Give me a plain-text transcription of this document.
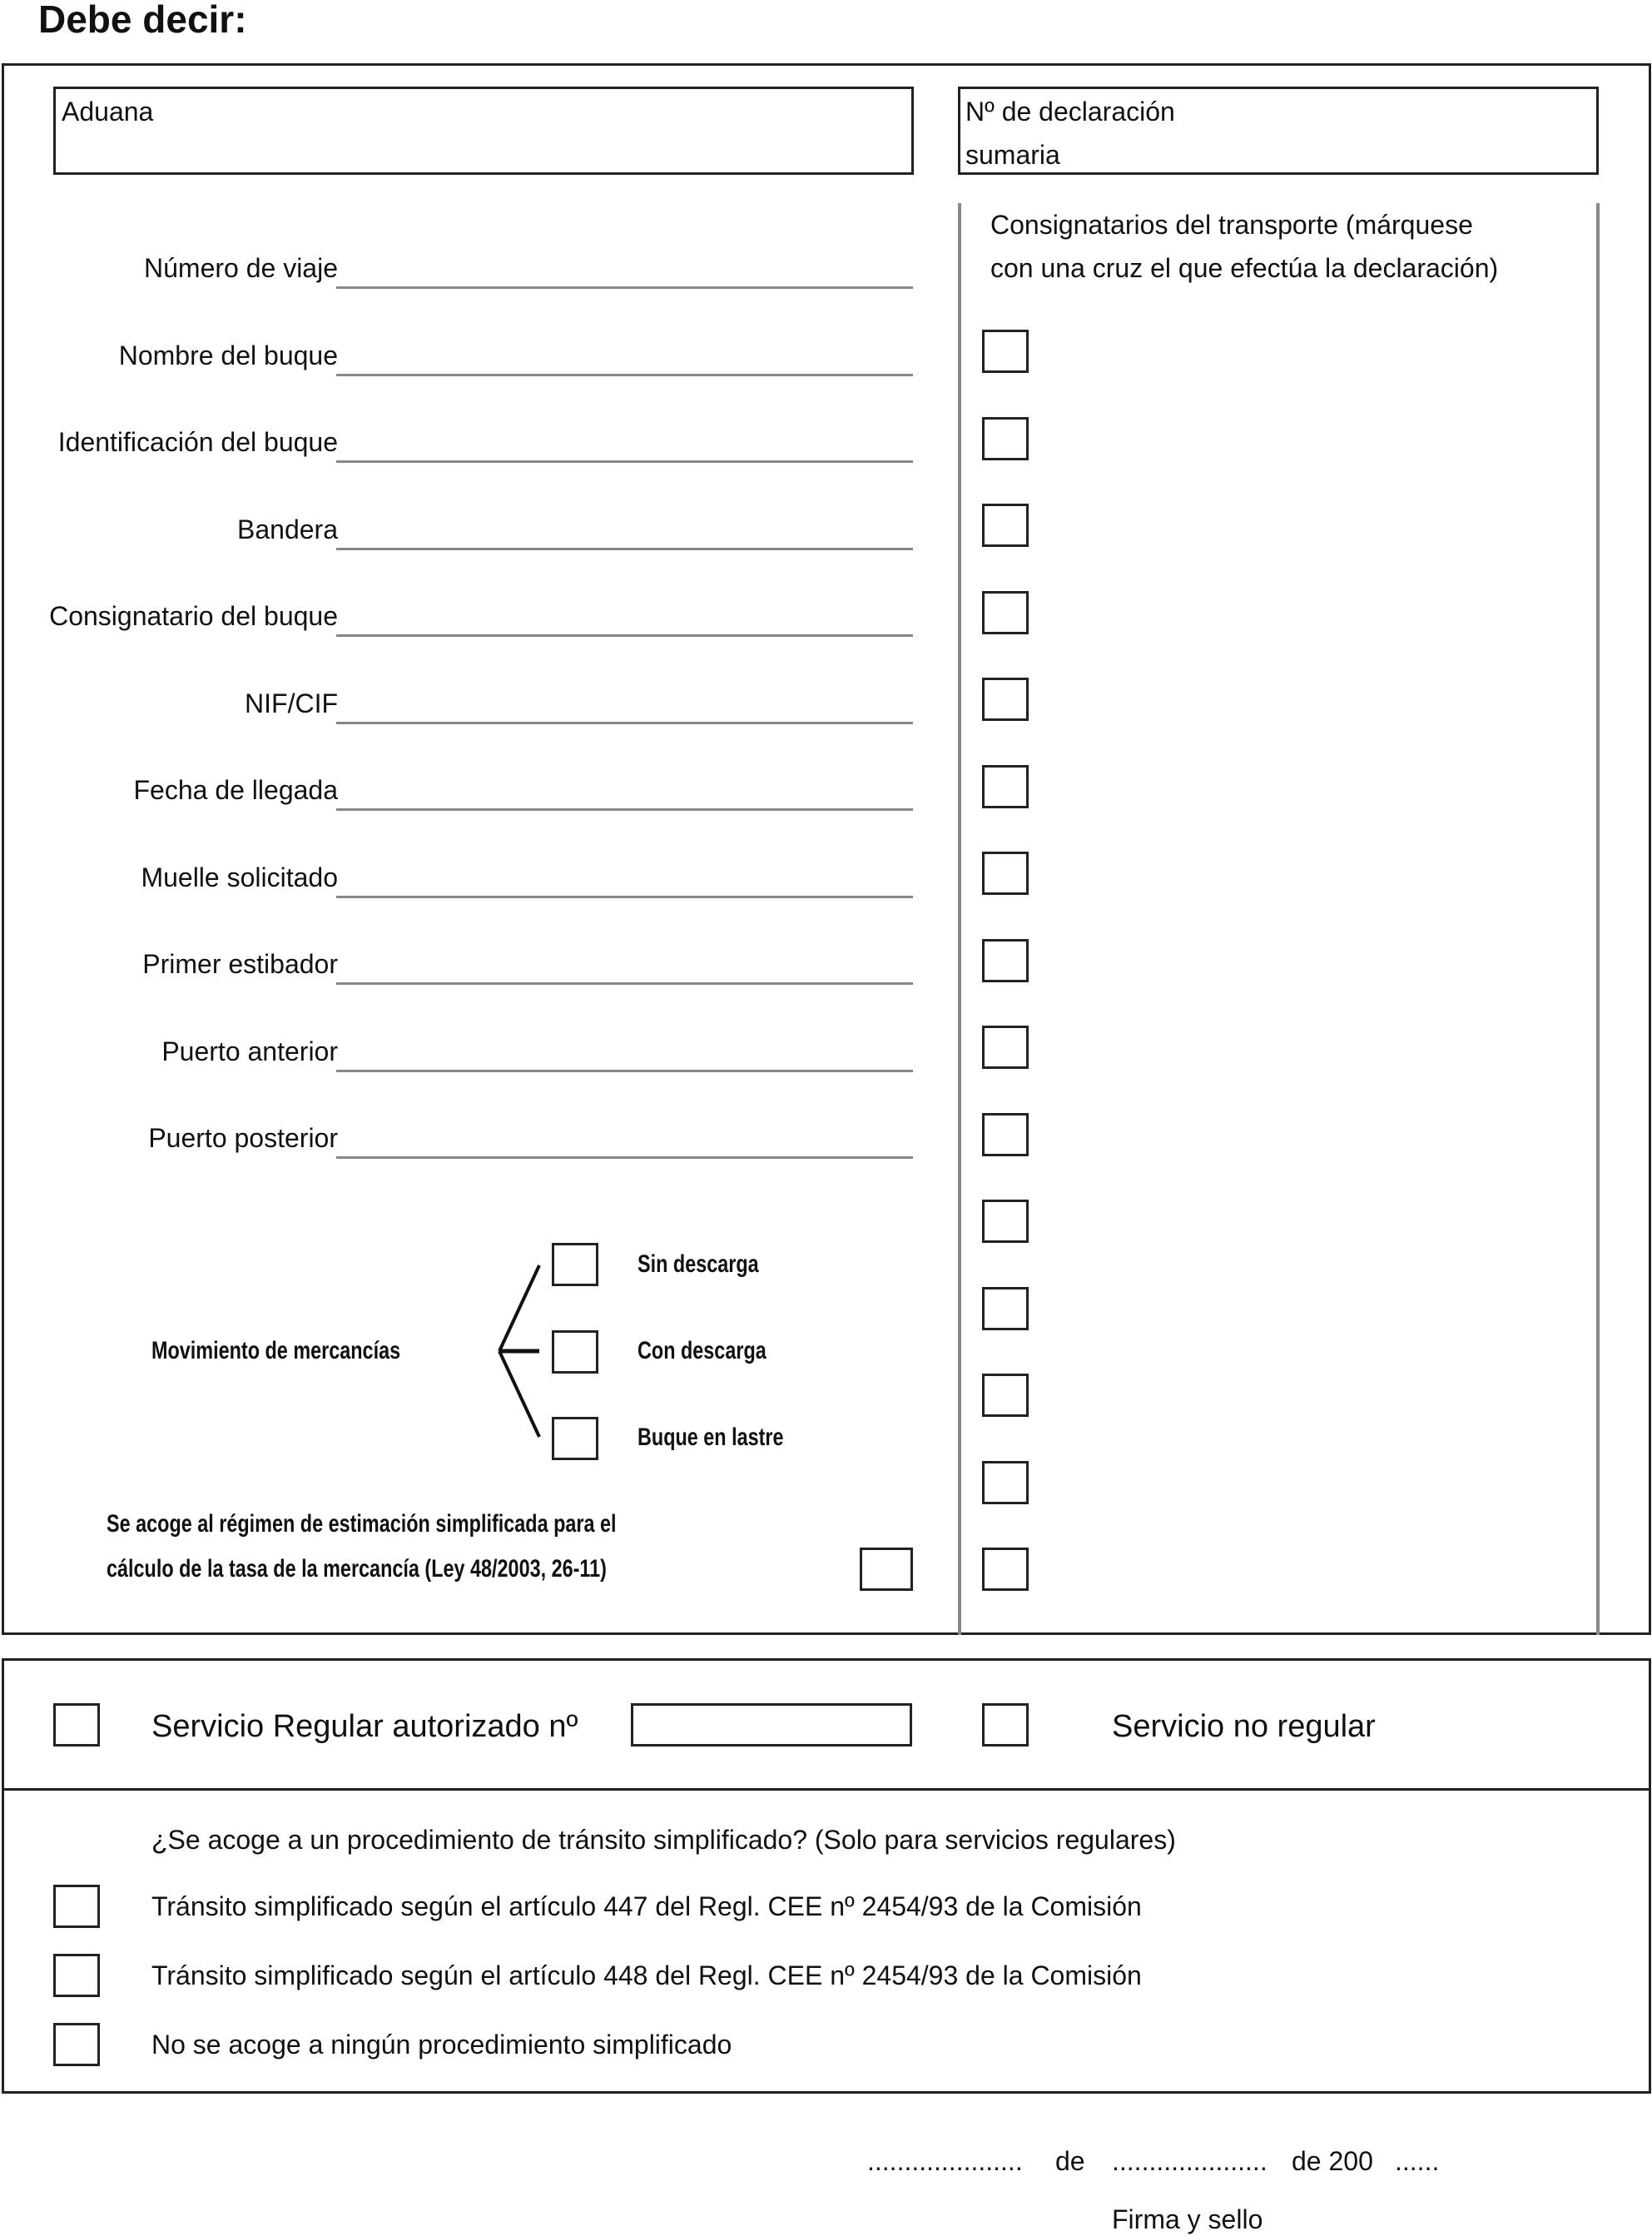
Debe decir:
Aduana	Nº de declaración
sumaria
Consignatarios del transporte (márquese
con una cruz el que efectúa la declaración)
Número de viaje
Nombre del buque
Identificación del buque
Bandera
Consignatario del buque
NIF/CIF
Fecha de llegada
Muelle solicitado
Primer estibador
Puerto anterior
Puerto posterior
Movimiento de mercancías
Sin descarga
Con descarga
Buque en lastre
Se acoge al régimen de estimación simplificada para el
cálculo de la tasa de la mercancía (Ley 48/2003, 26-11)
Servicio Regular autorizado nº	Servicio no regular
¿Se acoge a un procedimiento de tránsito simplificado? (Solo para servicios regulares)
Tránsito simplificado según el artículo 447 del Regl. CEE nº 2454/93 de la Comisión
Tránsito simplificado según el artículo 448 del Regl. CEE nº 2454/93 de la Comisión
No se acoge a ningún procedimiento simplificado
..................... de ..................... de 200 ......
Firma y sello
